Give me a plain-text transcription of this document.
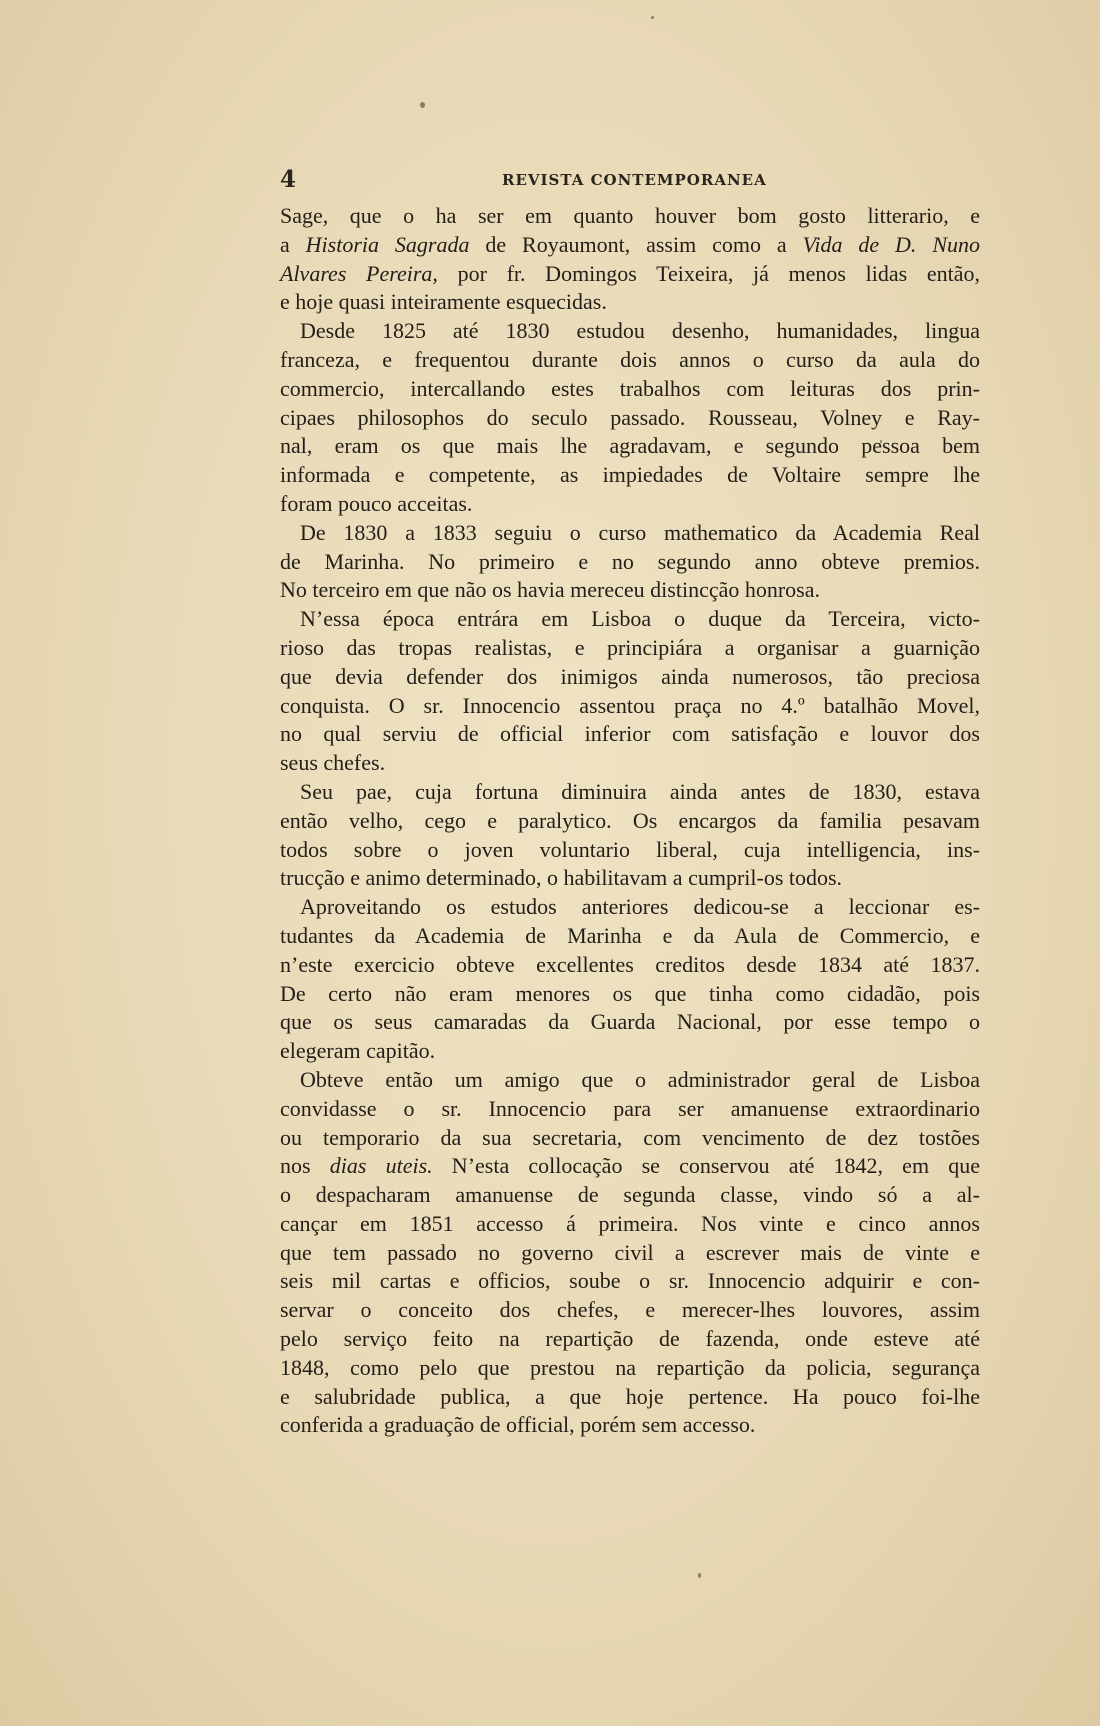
4	REVISTA CONTEMPORANEA
Sage, que o ha ser em quanto houver bom gosto litterario, e
a Historia Sagrada de Royaumont, assim como a Vida de D. Nuno
Alvares Pereira, por fr. Domingos Teixeira, já menos lidas então,
e hoje quasi inteiramente esquecidas.
Desde 1825 até 1830 estudou desenho, humanidades, lingua
franceza, e frequentou durante dois annos o curso da aula do
commercio, intercallando estes trabalhos com leituras dos prin-
cipaes philosophos do seculo passado. Rousseau, Volney e Ray-
nal, eram os que mais lhe agradavam, e segundo pessoa bem
informada e competente, as impiedades de Voltaire sempre lhe
foram pouco acceitas.
De 1830 a 1833 seguiu o curso mathematico da Academia Real
de Marinha. No primeiro e no segundo anno obteve premios.
No terceiro em que não os havia mereceu distincção honrosa.
N’essa época entrára em Lisboa o duque da Terceira, victo-
rioso das tropas realistas, e principiára a organisar a guarnição
que devia defender dos inimigos ainda numerosos, tão preciosa
conquista. O sr. Innocencio assentou praça no 4.º batalhão Movel,
no qual serviu de official inferior com satisfação e louvor dos
seus chefes.
Seu pae, cuja fortuna diminuira ainda antes de 1830, estava
então velho, cego e paralytico. Os encargos da familia pesavam
todos sobre o joven voluntario liberal, cuja intelligencia, ins-
trucção e animo determinado, o habilitavam a cumpril-os todos.
Aproveitando os estudos anteriores dedicou-se a leccionar es-
tudantes da Academia de Marinha e da Aula de Commercio, e
n’este exercicio obteve excellentes creditos desde 1834 até 1837.
De certo não eram menores os que tinha como cidadão, pois
que os seus camaradas da Guarda Nacional, por esse tempo o
elegeram capitão.
Obteve então um amigo que o administrador geral de Lisboa
convidasse o sr. Innocencio para ser amanuense extraordinario
ou temporario da sua secretaria, com vencimento de dez tostões
nos dias uteis. N’esta collocação se conservou até 1842, em que
o despacharam amanuense de segunda classe, vindo só a al-
cançar em 1851 accesso á primeira. Nos vinte e cinco annos
que tem passado no governo civil a escrever mais de vinte e
seis mil cartas e officios, soube o sr. Innocencio adquirir e con-
servar o conceito dos chefes, e merecer-lhes louvores, assim
pelo serviço feito na repartição de fazenda, onde esteve até
1848, como pelo que prestou na repartição da policia, segurança
e salubridade publica, a que hoje pertence. Ha pouco foi-lhe
conferida a graduação de official, porém sem accesso.
